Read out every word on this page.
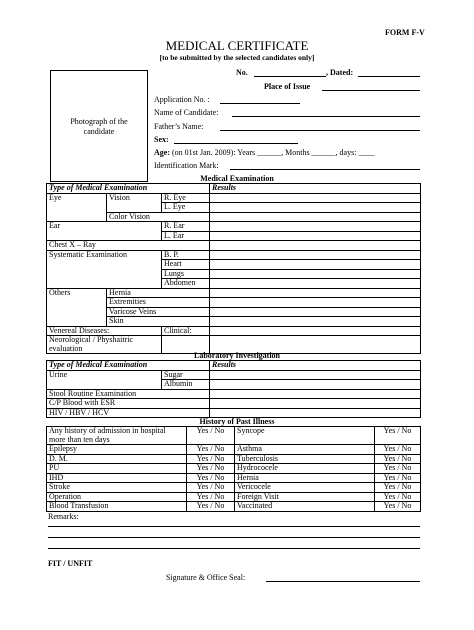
FORM F-V
MEDICAL CERTIFICATE
[to be submitted by the selected candidates only]
Photograph of the
candidate
No.	, Dated:
Place of Issue
Application No. :
Name of Candidate:
Father’s Name:
Sex:
Age: (on 01st Jan. 2009): Years ______, Months ______, days: ____
Identification Mark:
Medical Examination
Type of Medical Examination			Results
Eye	Vision	R. Eye	
		L. Eye	
	Color Vision		
Ear		R. Ear	
		L. Ear	
Chest X – Ray			
Systematic Examination		B. P.	
		Heart	
		Lungs	
		Abdomen	
Others	Hernia		
	Extremities		
	Varicose Veins		
	Skin		
Venereal Diseases:		Clinical:	
Neorological / Physhaitric evaluation			
Laboratory Investigation
Type of Medical Examination		Results
Urine	Sugar	
	Albumin	
Stool Routine Examination		
C/P Blood with ESR		
HIV / HBV / HCV		
History of Past Illness
Any history of admission in hospital more than ten days	Yes / No	Syncope	Yes / No
Epilepsy	Yes / No	Asthma	Yes / No
D. M.	Yes / No	Tuberculosis	Yes / No
PU	Yes / No	Hydrococele	Yes / No
IHD	Yes / No	Hernia	Yes / No
Stroke	Yes / No	Vericocele	Yes / No
Operation	Yes / No	Foreign Visit	Yes / No
Blood Transfusion	Yes / No	Vaccinated	Yes / No
Remarks:
FIT / UNFIT
Signature & Office Seal:
